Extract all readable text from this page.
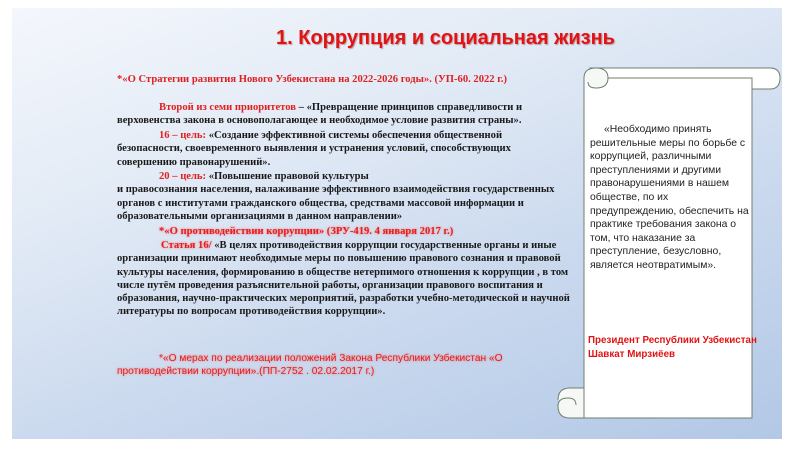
1. Коррупция и социальная жизнь
*«О Стратегии развития Нового Узбекистана на 2022-2026 годы». (УП-60. 2022 г.)
Второй из семи приоритетов – «Превращение принципов справедливости и верховенства закона в основополагающее и необходимое условие развития страны».
16 – цель: «Создание эффективной системы обеспечения общественной безопасности, своевременного выявления и устранения условий, способствующих совершению правонарушений».
20 – цель: «Повышение правовой культуры
и правосознания населения, налаживание эффективного взаимодействия государственных органов с институтами гражданского общества, средствами массовой информации и образовательными организациями в данном направлении»
*«О противодействии коррупции» (ЗРУ-419. 4 января 2017 г.)
Статья 16/ «В целях противодействия коррупции государственные органы и иные организации принимают необходимые меры по повышению правового сознания и правовой культуры населения, формированию в обществе нетерпимого отношения к коррупции , в том числе путём проведения разъяснительной работы, организации правового воспитания и образования, научно-практических мероприятий, разработки учебно-методической и научной литературы по вопросам противодействия коррупции».
*«О мерах по реализации положений Закона Республики Узбекистан «О противодействии коррупции».(ПП-2752 . 02.02.2017 г.)
«Необходимо принять решительные меры по борьбе с коррупцией, различными преступлениями и другими правонарушениями в нашем обществе, по их предупреждению, обеспечить на практике требования закона о том, что наказание за преступление, безусловно, является неотвратимым».
Президент Республики Узбекистан Шавкат Мирзиёев
